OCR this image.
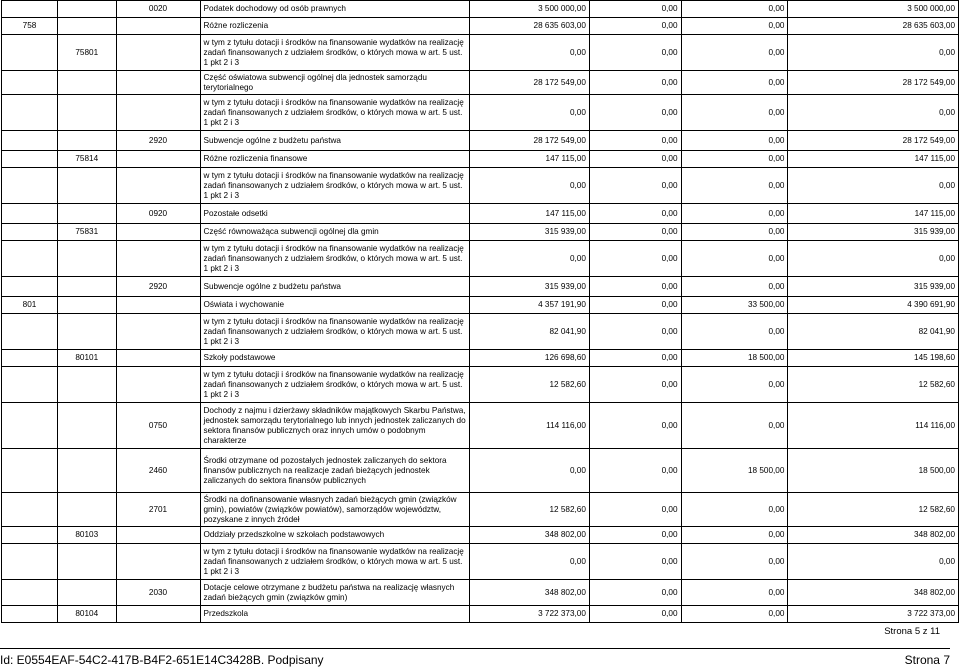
		0020	Podatek dochodowy od osób prawnych	3 500 000,00	0,00	0,00	3 500 000,00
758			Różne rozliczenia	28 635 603,00	0,00	0,00	28 635 603,00
	75801		w tym z tytułu dotacji i środków na finansowanie wydatków na realizację zadań finansowanych z udziałem środków, o których mowa w art. 5 ust. 1 pkt 2 i 3	0,00	0,00	0,00	0,00
			Część oświatowa subwencji ogólnej dla jednostek samorządu terytorialnego	28 172 549,00	0,00	0,00	28 172 549,00
			w tym z tytułu dotacji i środków na finansowanie wydatków na realizację zadań finansowanych z udziałem środków, o których mowa w art. 5 ust. 1 pkt 2 i 3	0,00	0,00	0,00	0,00
		2920	Subwencje ogólne z budżetu państwa	28 172 549,00	0,00	0,00	28 172 549,00
	75814		Różne rozliczenia finansowe	147 115,00	0,00	0,00	147 115,00
			w tym z tytułu dotacji i środków na finansowanie wydatków na realizację zadań finansowanych z udziałem środków, o których mowa w art. 5 ust. 1 pkt 2 i 3	0,00	0,00	0,00	0,00
		0920	Pozostałe odsetki	147 115,00	0,00	0,00	147 115,00
	75831		Część równoważąca subwencji ogólnej dla gmin	315 939,00	0,00	0,00	315 939,00
			w tym z tytułu dotacji i środków na finansowanie wydatków na realizację zadań finansowanych z udziałem środków, o których mowa w art. 5 ust. 1 pkt 2 i 3	0,00	0,00	0,00	0,00
		2920	Subwencje ogólne z budżetu państwa	315 939,00	0,00	0,00	315 939,00
801			Oświata i wychowanie	4 357 191,90	0,00	33 500,00	4 390 691,90
			w tym z tytułu dotacji i środków na finansowanie wydatków na realizację zadań finansowanych z udziałem środków, o których mowa w art. 5 ust. 1 pkt 2 i 3	82 041,90	0,00	0,00	82 041,90
	80101		Szkoły podstawowe	126 698,60	0,00	18 500,00	145 198,60
			w tym z tytułu dotacji i środków na finansowanie wydatków na realizację zadań finansowanych z udziałem środków, o których mowa w art. 5 ust. 1 pkt 2 i 3	12 582,60	0,00	0,00	12 582,60
		0750	Dochody z najmu i dzierżawy składników majątkowych Skarbu Państwa, jednostek samorządu terytorialnego lub innych jednostek zaliczanych do sektora finansów publicznych oraz innych umów o podobnym charakterze	114 116,00	0,00	0,00	114 116,00
		2460	Środki otrzymane od pozostałych jednostek zaliczanych do sektora finansów publicznych na realizacje zadań bieżących jednostek zaliczanych do sektora finansów publicznych	0,00	0,00	18 500,00	18 500,00
		2701	Środki na dofinansowanie własnych zadań bieżących gmin (związków gmin), powiatów (związków powiatów), samorządów województw, pozyskane z innych źródeł	12 582,60	0,00	0,00	12 582,60
	80103		Oddziały przedszkolne w szkołach podstawowych	348 802,00	0,00	0,00	348 802,00
			w tym z tytułu dotacji i środków na finansowanie wydatków na realizację zadań finansowanych z udziałem środków, o których mowa w art. 5 ust. 1 pkt 2 i 3	0,00	0,00	0,00	0,00
		2030	Dotacje celowe otrzymane z budżetu państwa na realizację własnych zadań bieżących gmin (związków gmin)	348 802,00	0,00	0,00	348 802,00
	80104		Przedszkola	3 722 373,00	0,00	0,00	3 722 373,00
Strona 5 z 11
Id: E0554EAF-54C2-417B-B4F2-651E14C3428B. Podpisany	Strona 7
